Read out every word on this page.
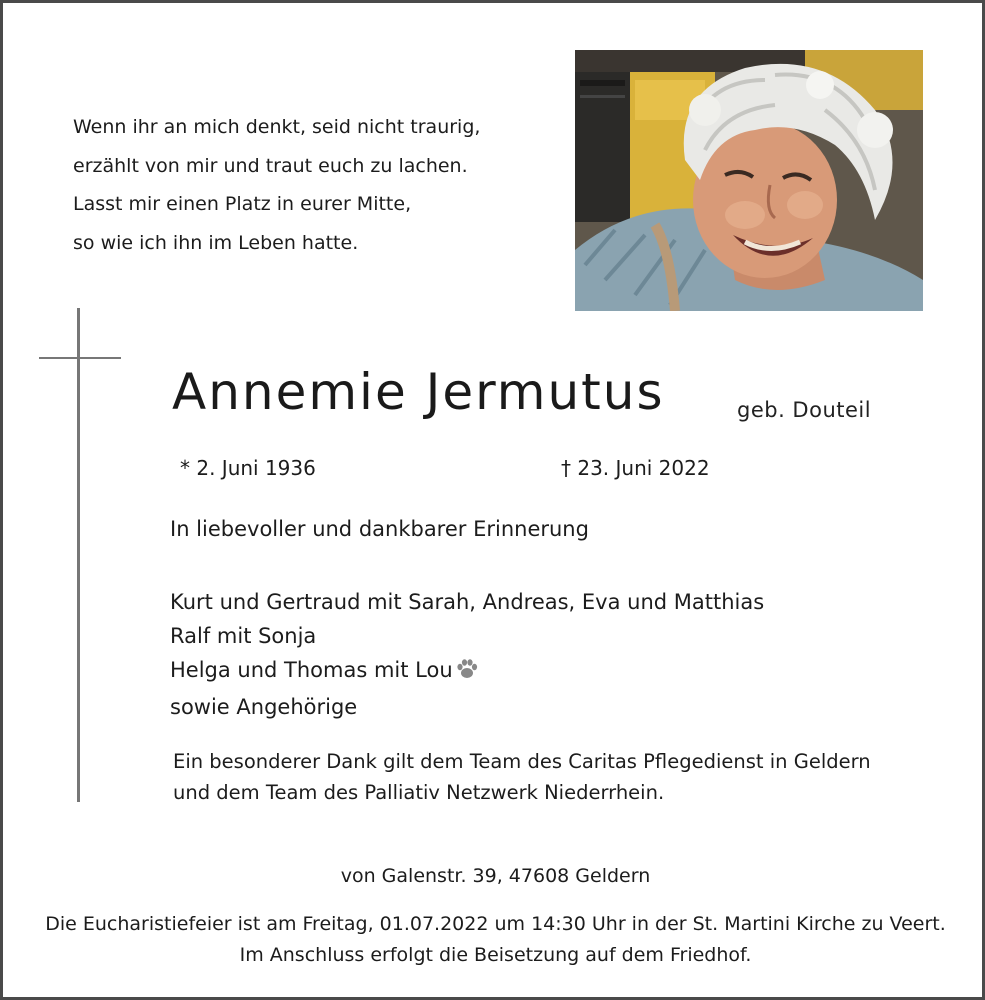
Wenn ihr an mich denkt, seid nicht traurig,
erzählt von mir und traut euch zu lachen.
Lasst mir einen Platz in eurer Mitte,
so wie ich ihn im Leben hatte.
Annemie Jermutus	geb. Douteil
* 2. Juni 1936	† 23. Juni 2022
In liebevoller und dankbarer Erinnerung
Kurt und Gertraud mit Sarah, Andreas, Eva und Matthias
Ralf mit Sonja
Helga und Thomas mit Lou
sowie Angehörige
Ein besonderer Dank gilt dem Team des Caritas Pflegedienst in Geldern
und dem Team des Palliativ Netzwerk Niederrhein.
von Galenstr. 39, 47608 Geldern
Die Eucharistiefeier ist am Freitag, 01.07.2022 um 14:30 Uhr in der St. Martini Kirche zu Veert.
Im Anschluss erfolgt die Beisetzung auf dem Friedhof.
